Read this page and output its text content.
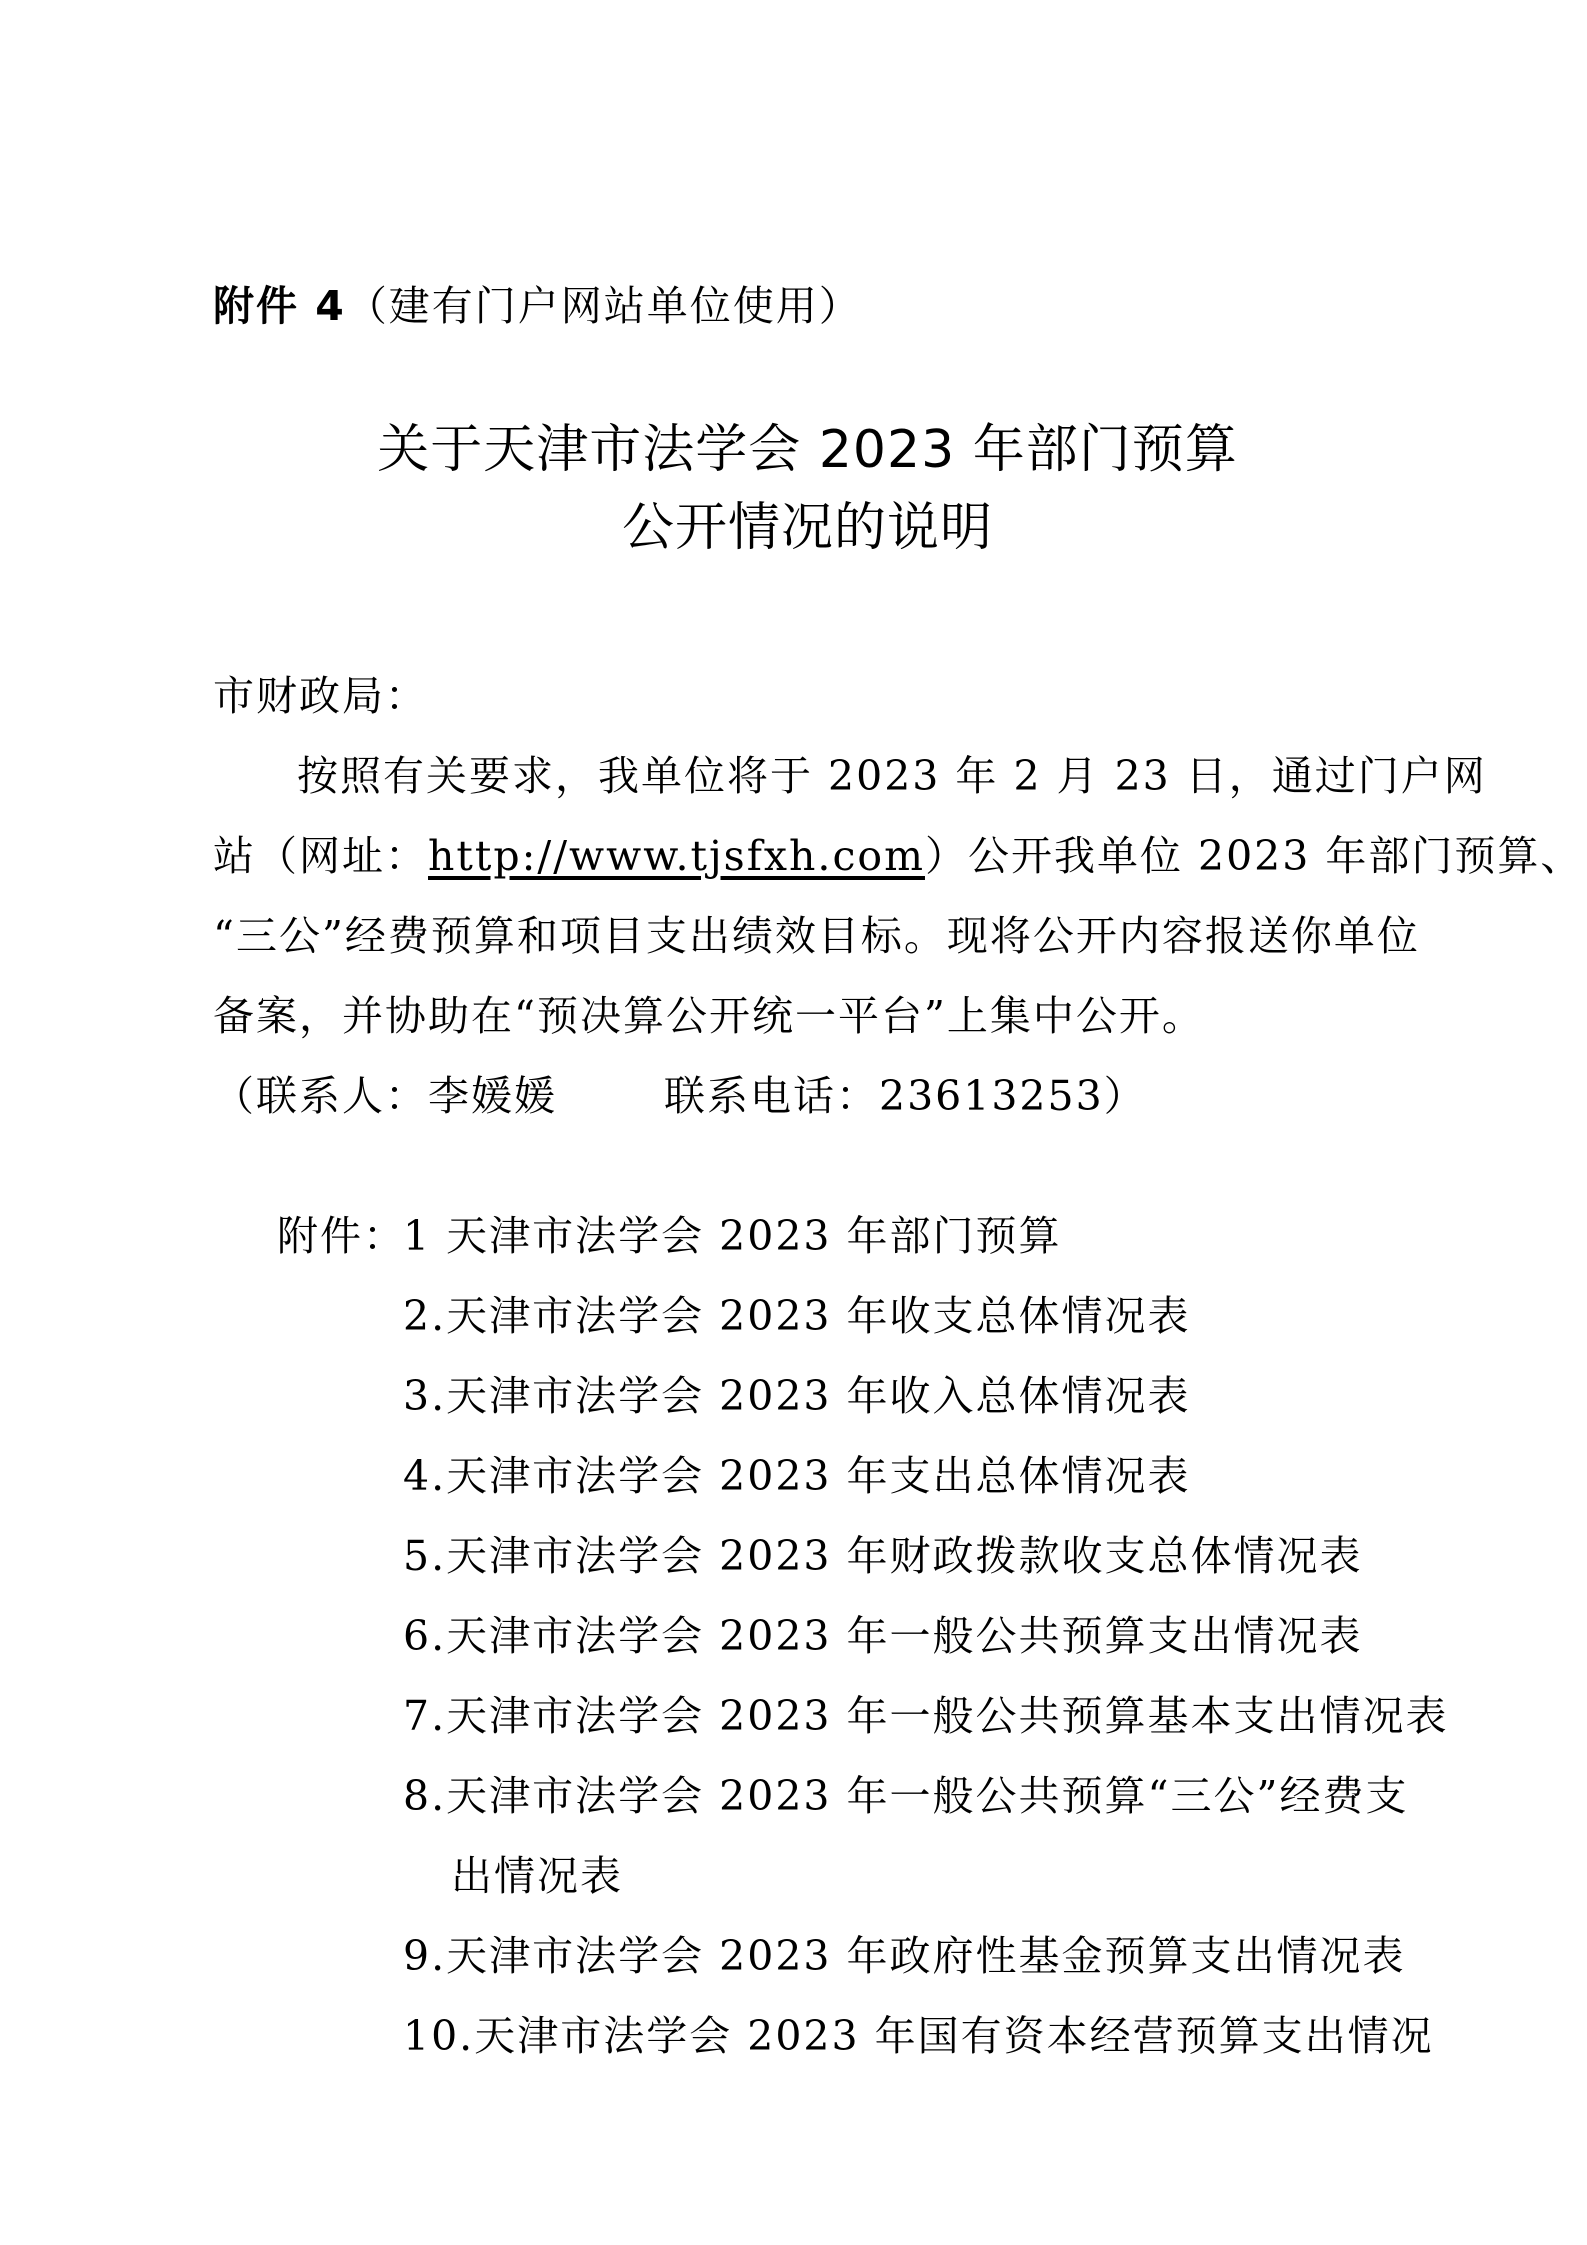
附件 4（建有门户网站单位使用）
关于天津市法学会 2023 年部门预算
公开情况的说明
市财政局：
按照有关要求，我单位将于 2023 年 2 月 23 日，通过门户网
站（网址：http://www.tjsfxh.com）公开我单位 2023 年部门预算、
“三公”经费预算和项目支出绩效目标。现将公开内容报送你单位
备案，并协助在“预决算公开统一平台”上集中公开。
（联系人：李媛媛	联系电话：23613253）
附件：
1 天津市法学会 2023 年部门预算
2.天津市法学会 2023 年收支总体情况表
3.天津市法学会 2023 年收入总体情况表
4.天津市法学会 2023 年支出总体情况表
5.天津市法学会 2023 年财政拨款收支总体情况表
6.天津市法学会 2023 年一般公共预算支出情况表
7.天津市法学会 2023 年一般公共预算基本支出情况表
8.天津市法学会 2023 年一般公共预算“三公”经费支
出情况表
9.天津市法学会 2023 年政府性基金预算支出情况表
10.天津市法学会 2023 年国有资本经营预算支出情况
